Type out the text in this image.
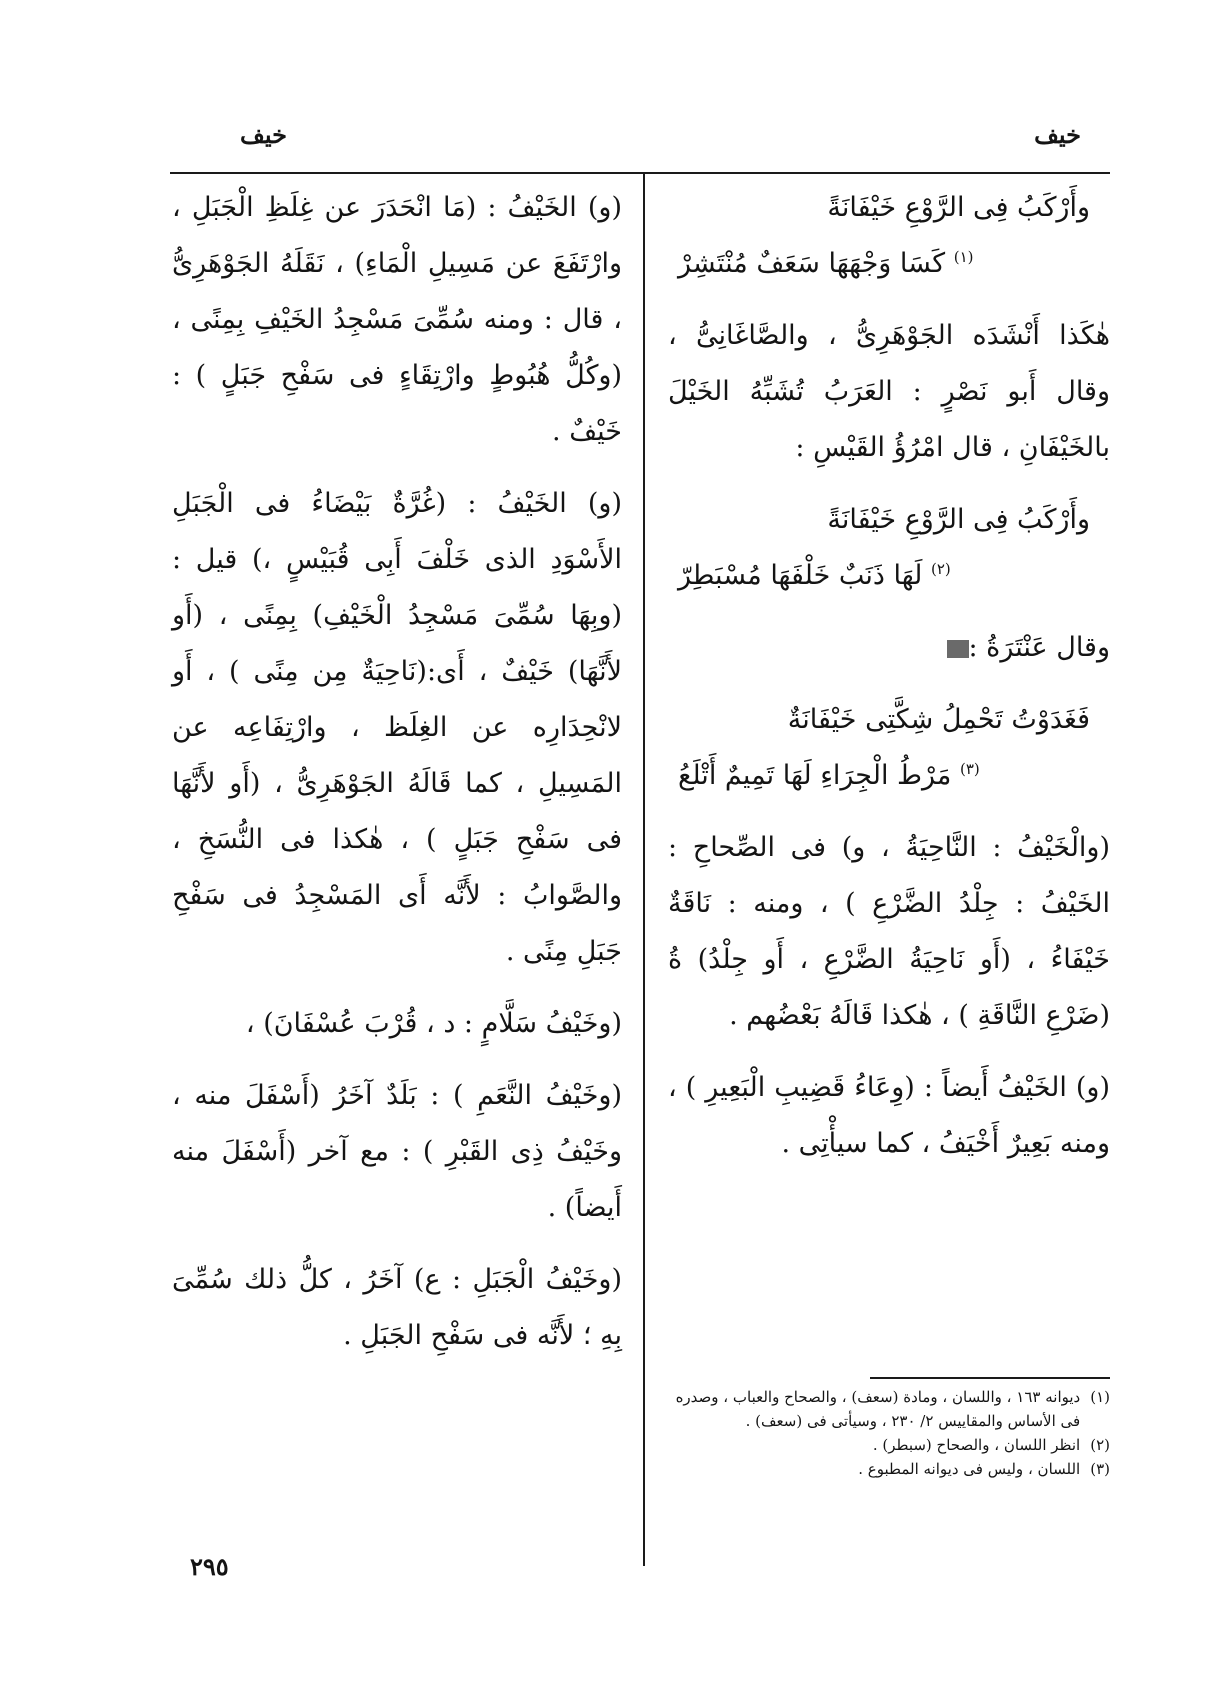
خيف
خيف
وأَرْكَبُ فِى الرَّوْعِ خَيْفَانَةً
$^{(١)}$ كَسَا وَجْهَهَا سَعَفٌ مُنْتَشِرْ

هٰكَذا أَنْشَدَه الجَوْهَرِىُّ ، والصَّاغَانِىُّ ، وقال أَبو نَصْرٍ : العَرَبُ تُشَبِّهُ الخَيْلَ بالخَيْفَانِ ، قال امْرُؤُ القَيْسِ :

وأَرْكَبُ فِى الرَّوْعِ خَيْفَانَةً
$^{(٢)}$ لَهَا ذَنَبٌ خَلْفَهَا مُسْبَطِرّ

وقال عَنْتَرَةُ :

فَغَدَوْتُ تَحْمِلُ شِكَّتِى خَيْفَانَةٌ
$^{(٣)}$ مَرْطُ الْجِرَاءِ لَهَا تَمِيمٌ أَتْلَعُ

(والْخَيْفُ : النَّاحِيَةُ ، و) فى الصِّحاحِ : الخَيْفُ : جِلْدُ الضَّرْعِ ) ، ومنه : نَاقَةٌ خَيْفَاءُ ، (أَو نَاحِيَةُ الضَّرْعِ ، أَو جِلْدُ) ةُ (ضَرْعِ النَّاقَةِ ) ، هٰكذا قَالَهُ بَعْضُهم .

(و) الخَيْفُ أَيضاً : (وِعَاءُ قَضِيبِ الْبَعِيرِ ) ، ومنه بَعِيرٌ أَخْيَفُ ، كما سيأْتِى .

(١)
ديوانه ١٦٣ ، واللسان ، ومادة (سعف) ، والصحاح والعباب ، وصدره فى الأساس والمقاييس ٢/ ٢٣٠ ، وسيأتى فى (سعف) .
(٢)
انظر اللسان ، والصحاح (سبطر) .
(٣)
اللسان ، وليس فى ديوانه المطبوع .

(و) الخَيْفُ : (مَا انْحَدَرَ عن غِلَظِ الْجَبَلِ ، وارْتَفَعَ عن مَسِيلِ الْمَاءِ) ، نَقَلَهُ الجَوْهَرِىُّ ، قال : ومنه سُمِّىَ مَسْجِدُ الخَيْفِ بِمِنًى ، (وكُلُّ هُبُوطٍ وارْتِقَاءٍ فى سَفْحِ جَبَلٍ ) : خَيْفٌ .

(و) الخَيْفُ : (غُرَّةٌ بَيْضَاءُ فى الْجَبَلِ الأَسْوَدِ الذى خَلْفَ أَبِى قُبَيْسٍ ،) قيل : (وبِهَا سُمِّىَ مَسْجِدُ الْخَيْفِ) بِمِنًى ، (أَو لأَنَّهَا) خَيْفٌ ، أَى:(نَاحِيَةٌ مِن مِنًى ) ، أَو لانْحِدَارِه عن الغِلَظ ، وارْتِفَاعِه عن المَسِيلِ ، كما قَالَهُ الجَوْهَرِىُّ ، (أَو لأَنَّهَا فى سَفْحِ جَبَلٍ ) ، هٰكذا فى النُّسَخِ ، والصَّوابُ : لأَنَّه أَى المَسْجِدُ فى سَفْحِ جَبَلِ مِنًى .

(وخَيْفُ سَلَّامٍ : د ، قُرْبَ عُسْفَانَ) ،

(وخَيْفُ النَّعَمِ ) : بَلَدٌ آخَرُ (أَسْفَلَ منه ، وخَيْفُ ذِى القَبْرِ ) : مع آخر (أَسْفَلَ منه أَيضاً) .

(وخَيْفُ الْجَبَلِ : ع) آخَرُ ، كلُّ ذلك سُمِّىَ بِهِ ؛ لأَنَّه فى سَفْحِ الجَبَلِ .

٢٩٥
